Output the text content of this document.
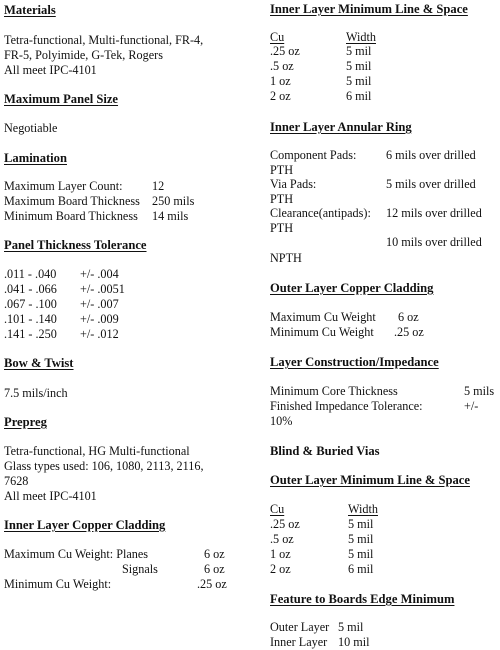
Materials
Tetra-functional, Multi-functional, FR-4,
FR-5, Polyimide, G-Tek, Rogers
All meet IPC-4101
Maximum Panel Size
Negotiable
Lamination
Maximum Layer Count: 12
Maximum Board Thickness 250 mils
Minimum Board Thickness 14 mils
Panel Thickness Tolerance
.011 - .040 +/- .004
.041 - .066 +/- .0051
.067 - .100 +/- .007
.101 - .140 +/- .009
.141 - .250 +/- .012
Bow & Twist
7.5 mils/inch
Prepreg
Tetra-functional, HG Multi-functional
Glass types used: 106, 1080, 2113, 2116,
7628
All meet IPC-4101
Inner Layer Copper Cladding
Maximum Cu Weight: Planes	6 oz
Signals	6 oz
Minimum Cu Weight:	.25 oz
Inner Layer Minimum Line & Space
Cu	Width
.25 oz	5 mil
.5 oz	5 mil
1 oz	5 mil
2 oz	6 mil
Inner Layer Annular Ring
Component Pads: 6 mils over drilled
PTH
Via Pads:	5 mils over drilled
PTH
Clearance(antipads): 12 mils over drilled
PTH
10 mils over drilled
NPTH
Outer Layer Copper Cladding
Maximum Cu Weight 6 oz
Minimum Cu Weight .25 oz
Layer Construction/Impedance
Minimum Core Thickness	5 mils
Finished Impedance Tolerance:	+/-
10%
Blind & Buried Vias
Outer Layer Minimum Line & Space
Cu	Width
.25 oz	5 mil
.5 oz	5 mil
1 oz	5 mil
2 oz	6 mil
Feature to Boards Edge Minimum
Outer Layer 5 mil
Inner Layer 10 mil
